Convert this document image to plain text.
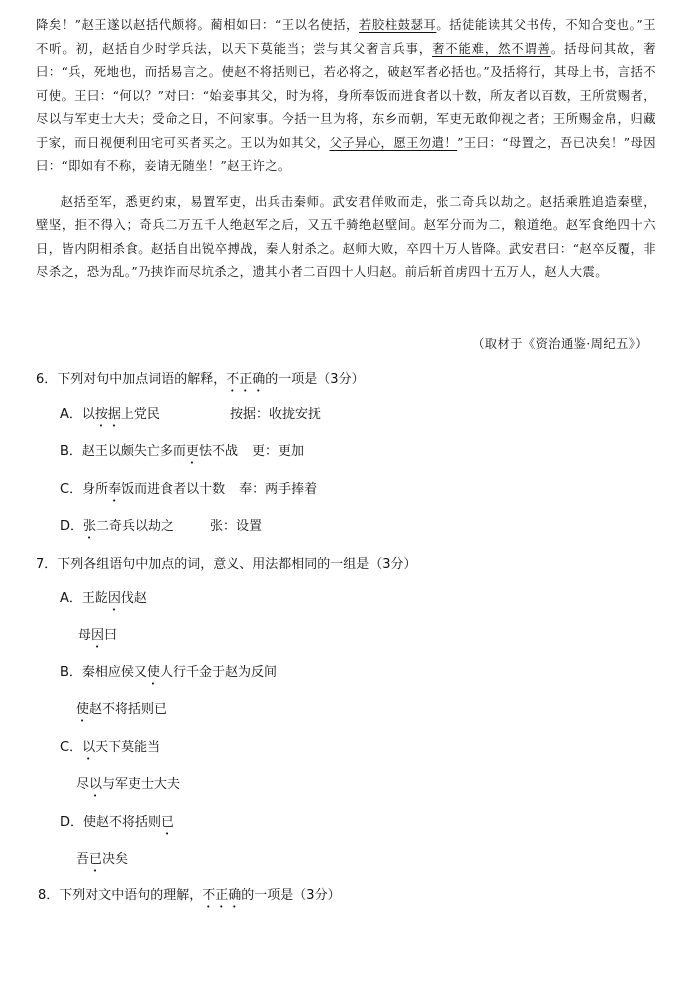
降矣！”赵王遂以赵括代颇将。蔺相如曰：“王以名使括，若胶柱鼓瑟耳。括徒能读其父书传，不知合变也。”王不听。初，赵括自少时学兵法，以天下莫能当；尝与其父奢言兵事，奢不能难，然不谓善。括母问其故，奢曰：“兵，死地也，而括易言之。使赵不将括则已，若必将之，破赵军者必括也。”及括将行，其母上书，言括不可使。王曰：“何以？”对曰：“始妾事其父，时为将，身所奉饭而进食者以十数，所友者以百数，王所赏赐者，尽以与军吏士大夫；受命之日，不问家事。今括一旦为将，东乡而朝，军吏无敢仰视之者；王所赐金帛，归藏于家，而日视便利田宅可买者买之。王以为如其父，父子异心，愿王勿遣！”王曰：“母置之，吾已决矣！”母因曰：“即如有不称，妾请无随坐！”赵王许之。

赵括至军，悉更约束，易置军吏，出兵击秦师。武安君佯败而走，张二奇兵以劫之。赵括乘胜追造秦壁，壁坚，拒不得入；奇兵二万五千人绝赵军之后，又五千骑绝赵壁间。赵军分而为二，粮道绝。赵军食绝四十六日，皆内阴相杀食。赵括自出锐卒搏战，秦人射杀之。赵师大败，卒四十万人皆降。武安君曰：“赵卒反覆，非尽杀之，恐为乱。”乃挟诈而尽坑杀之，遗其小者二百四十人归赵。前后斩首虏四十五万人，赵人大震。

（取材于《资治通鉴·周纪五》）
6．下列对句中加点词语的解释，不正确的一项是（3分）
A．以按据上党民	按据：收拢安抚
B．赵王以颇失亡多而更怯不战 更：更加
C．身所奉饭而进食者以十数 奉：两手捧着
D．张二奇兵以劫之	张：设置
7．下列各组语句中加点的词，意义、用法都相同的一组是（3分）
A．王龁因伐赵
母因曰
B．秦相应侯又使人行千金于赵为反间
使赵不将括则已
C．以天下莫能当
尽以与军吏士大夫
D．使赵不将括则已
吾已决矣
8．下列对文中语句的理解，不正确的一项是（3分）
